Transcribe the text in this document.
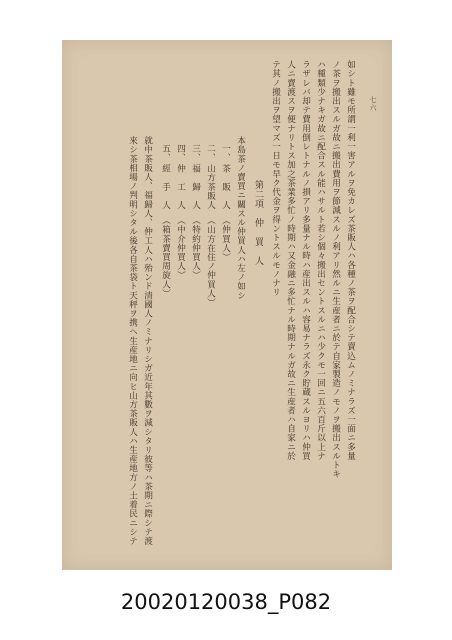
七六
如シト雖モ所謂一利一害アルヲ免カレズ茶販人ハ各種ノ茶ヲ配合シテ賣込ムノミナラズ一面ニ多量
ノ茶ヲ搬出スルガ故ニ搬出費用ヲ節減スルノ利アリ然ルニ生産者ニ於テ自家製造ノモノヲ搬出スルトキ
ハ種類少ナキガ故ニ配合スル能ハサルト若シ個々搬出セントスルニハ少クモ一回ニ五六百斤以上ナ
ラザレバ却テ費用倒レトナルノ損アリ多量ナル時ハ産出スルハ容易ナラズ永ク貯蔵スルヨリハ仲買
人ニ賣渡スヲ便ナリトス加之茶業多忙ノ時期ハ又金融ニ多忙ナル時期ナルガ故ニ生産者ハ自家ニ於
テ其ノ搬出ヲ望マズ一日モ早ク代金ヲ得ントスルモノナリ
第二項　仲　買　人
本島茶ノ賣買ニ關スル仲買人ハ左ノ如シ
一、
茶　販　人
（仲買人）
二、
山方茶販人
（山方在住ノ仲買人）
三、
福　歸　人
（特約仲買人）
四、
仲　工　人
（中介仲買人）
五、
經　手　人
（箱茶賣買周旋人）
就中茶販人、福歸人、仲工人ハ殆ンド清國人ノミナリシガ近年其數ヲ減シタリ彼等ハ茶期ニ際シテ渡
來シ茶相場ノ判明シタル後各自茶袋ト天秤ヲ携ヘ生産地ニ向ヒ山方茶販人ハ生産地方ノ土着民ニシテ
20020120038_P082
